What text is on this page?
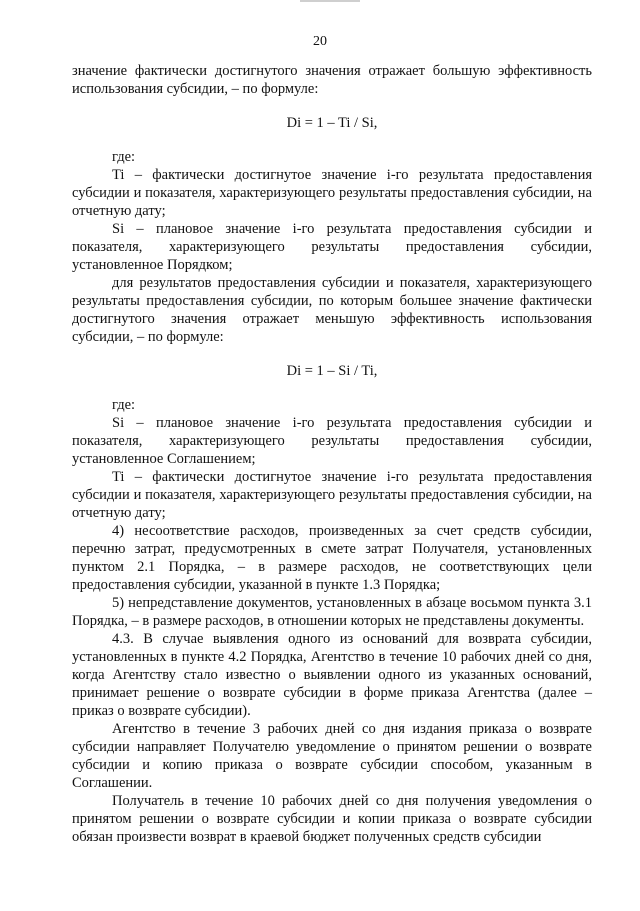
20

значение фактически достигнутого значения отражает большую эффективность использования субсидии, – по формуле:

Di = 1 – Ti / Si,

где:

Ti – фактически достигнутое значение i-го результата предоставления субсидии и показателя, характеризующего результаты предоставления субсидии, на отчетную дату;

Si – плановое значение i-го результата предоставления субсидии и показателя, характеризующего результаты предоставления субсидии, установленное Порядком;

для результатов предоставления субсидии и показателя, характеризующего результаты предоставления субсидии, по которым большее значение фактически достигнутого значения отражает меньшую эффективность использования субсидии, – по формуле:

Di = 1 – Si / Ti,

где:

Si – плановое значение i-го результата предоставления субсидии и показателя, характеризующего результаты предоставления субсидии, установленное Соглашением;

Ti – фактически достигнутое значение i-го результата предоставления субсидии и показателя, характеризующего результаты предоставления субсидии, на отчетную дату;

4) несоответствие расходов, произведенных за счет средств субсидии, перечню затрат, предусмотренных в смете затрат Получателя, установленных пунктом 2.1 Порядка, – в размере расходов, не соответствующих цели предоставления субсидии, указанной в пункте 1.3 Порядка;

5) непредставление документов, установленных в абзаце восьмом пункта 3.1 Порядка, – в размере расходов, в отношении которых не представлены документы.

4.3. В случае выявления одного из оснований для возврата субсидии, установленных в пункте 4.2 Порядка, Агентство в течение 10 рабочих дней со дня, когда Агентству стало известно о выявлении одного из указанных оснований, принимает решение о возврате субсидии в форме приказа Агентства (далее – приказ о возврате субсидии).

Агентство в течение 3 рабочих дней со дня издания приказа о возврате субсидии направляет Получателю уведомление о принятом решении о возврате субсидии и копию приказа о возврате субсидии способом, указанным в Соглашении.

Получатель в течение 10 рабочих дней со дня получения уведомления о принятом решении о возврате субсидии и копии приказа о возврате субсидии обязан произвести возврат в краевой бюджет полученных средств субсидии
